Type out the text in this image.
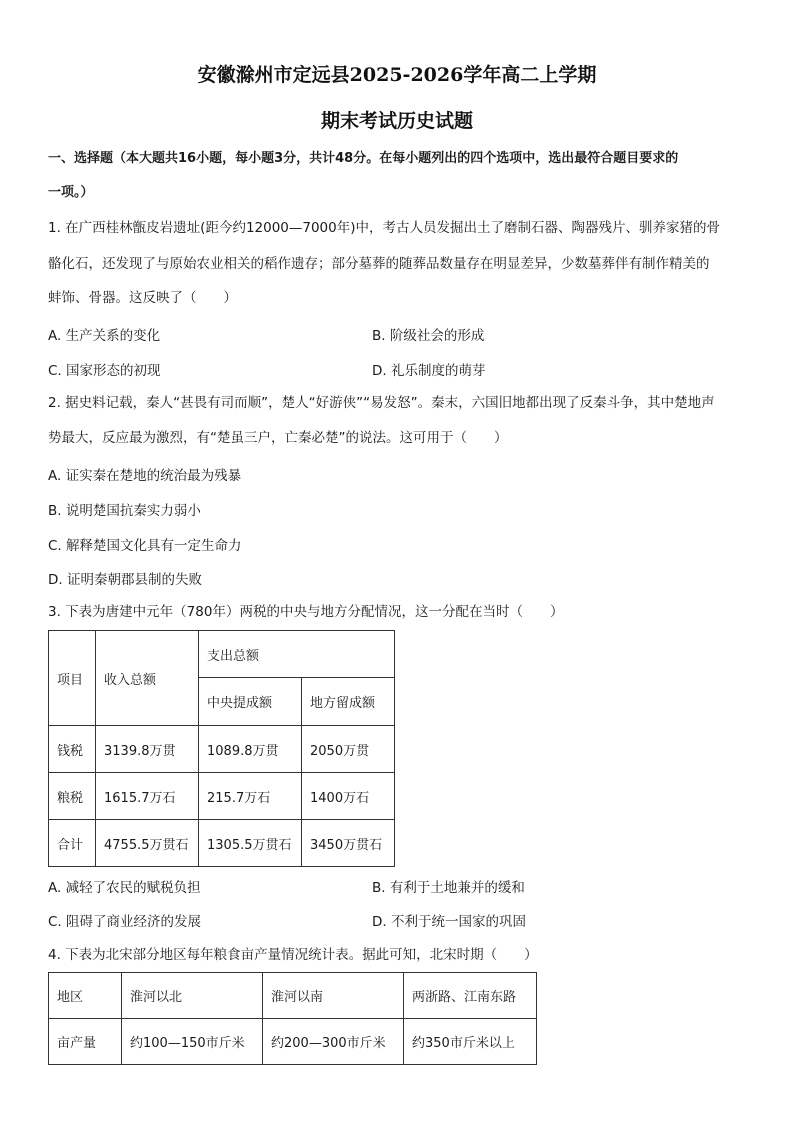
安徽滁州市定远县2025-2026学年高二上学期
期末考试历史试题
一、选择题（本大题共16小题，每小题3分，共计48分。在每小题列出的四个选项中，选出最符合题目要求的
一项。）
1. 在广西桂林甑皮岩遗址(距今约12000—7000年)中，考古人员发掘出土了磨制石器、陶器残片、驯养家猪的骨
骼化石，还发现了与原始农业相关的稻作遗存；部分墓葬的随葬品数量存在明显差异，少数墓葬伴有制作精美的
蚌饰、骨器。这反映了（　　）
A. 生产关系的变化	B. 阶级社会的形成
C. 国家形态的初现	D. 礼乐制度的萌芽
2. 据史料记载，秦人“甚畏有司而顺”，楚人“好游侠”“易发怒”。秦末，六国旧地都出现了反秦斗争，其中楚地声
势最大，反应最为激烈，有“楚虽三户，亡秦必楚”的说法。这可用于（　　）
A. 证实秦在楚地的统治最为残暴
B. 说明楚国抗秦实力弱小
C. 解释楚国文化具有一定生命力
D. 证明秦朝郡县制的失败
3. 下表为唐建中元年（780年）两税的中央与地方分配情况，这一分配在当时（　　）
项目	收入总额	支出总额	
		中央提成额	地方留成额
钱税	3139.8万贯	1089.8万贯	2050万贯
粮税	1615.7万石	215.7万石	1400万石
合计	4755.5万贯石	1305.5万贯石	3450万贯石
A. 减轻了农民的赋税负担	B. 有利于土地兼并的缓和
C. 阻碍了商业经济的发展	D. 不利于统一国家的巩固
4. 下表为北宋部分地区每年粮食亩产量情况统计表。据此可知，北宋时期（　　）
地区	淮河以北	淮河以南	两浙路、江南东路
亩产量	约100—150市斤米	约200—300市斤米	约350市斤米以上
